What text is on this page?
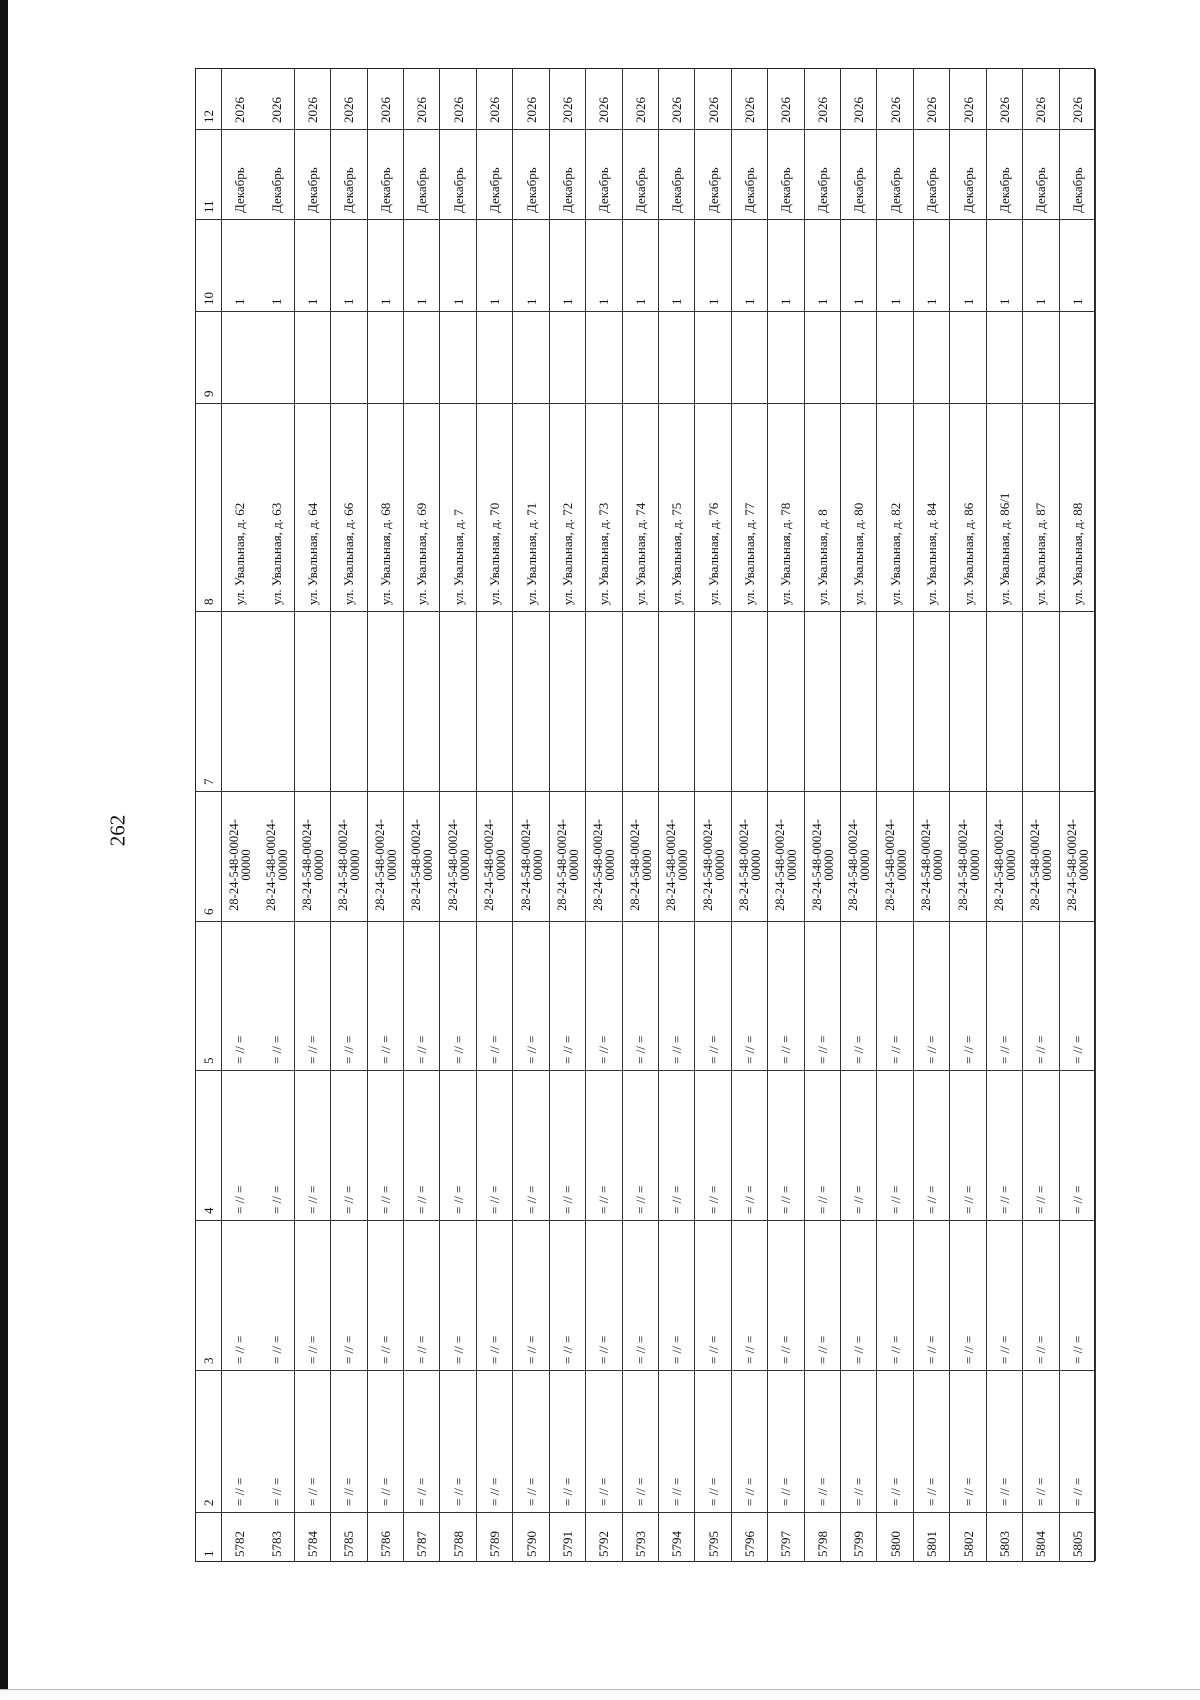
262
12
11
10
9
8
7
6
5
4
3
2
1
2026
Декабрь
1
ул. Увальная, д. 62
28-24-548-00024-00000
= // =
= // =
= // =
= // =
5782
2026
Декабрь
1
ул. Увальная, д. 63
28-24-548-00024-00000
= // =
= // =
= // =
= // =
5783
2026
Декабрь
1
ул. Увальная, д. 64
28-24-548-00024-00000
= // =
= // =
= // =
= // =
5784
2026
Декабрь
1
ул. Увальная, д. 66
28-24-548-00024-00000
= // =
= // =
= // =
= // =
5785
2026
Декабрь
1
ул. Увальная, д. 68
28-24-548-00024-00000
= // =
= // =
= // =
= // =
5786
2026
Декабрь
1
ул. Увальная, д. 69
28-24-548-00024-00000
= // =
= // =
= // =
= // =
5787
2026
Декабрь
1
ул. Увальная, д. 7
28-24-548-00024-00000
= // =
= // =
= // =
= // =
5788
2026
Декабрь
1
ул. Увальная, д. 70
28-24-548-00024-00000
= // =
= // =
= // =
= // =
5789
2026
Декабрь
1
ул. Увальная, д. 71
28-24-548-00024-00000
= // =
= // =
= // =
= // =
5790
2026
Декабрь
1
ул. Увальная, д. 72
28-24-548-00024-00000
= // =
= // =
= // =
= // =
5791
2026
Декабрь
1
ул. Увальная, д. 73
28-24-548-00024-00000
= // =
= // =
= // =
= // =
5792
2026
Декабрь
1
ул. Увальная, д. 74
28-24-548-00024-00000
= // =
= // =
= // =
= // =
5793
2026
Декабрь
1
ул. Увальная, д. 75
28-24-548-00024-00000
= // =
= // =
= // =
= // =
5794
2026
Декабрь
1
ул. Увальная, д. 76
28-24-548-00024-00000
= // =
= // =
= // =
= // =
5795
2026
Декабрь
1
ул. Увальная, д. 77
28-24-548-00024-00000
= // =
= // =
= // =
= // =
5796
2026
Декабрь
1
ул. Увальная, д. 78
28-24-548-00024-00000
= // =
= // =
= // =
= // =
5797
2026
Декабрь
1
ул. Увальная, д. 8
28-24-548-00024-00000
= // =
= // =
= // =
= // =
5798
2026
Декабрь
1
ул. Увальная, д. 80
28-24-548-00024-00000
= // =
= // =
= // =
= // =
5799
2026
Декабрь
1
ул. Увальная, д. 82
28-24-548-00024-00000
= // =
= // =
= // =
= // =
5800
2026
Декабрь
1
ул. Увальная, д. 84
28-24-548-00024-00000
= // =
= // =
= // =
= // =
5801
2026
Декабрь
1
ул. Увальная, д. 86
28-24-548-00024-00000
= // =
= // =
= // =
= // =
5802
2026
Декабрь
1
ул. Увальная, д. 86/1
28-24-548-00024-00000
= // =
= // =
= // =
= // =
5803
2026
Декабрь
1
ул. Увальная, д. 87
28-24-548-00024-00000
= // =
= // =
= // =
= // =
5804
2026
Декабрь
1
ул. Увальная, д. 88
28-24-548-00024-00000
= // =
= // =
= // =
= // =
5805
